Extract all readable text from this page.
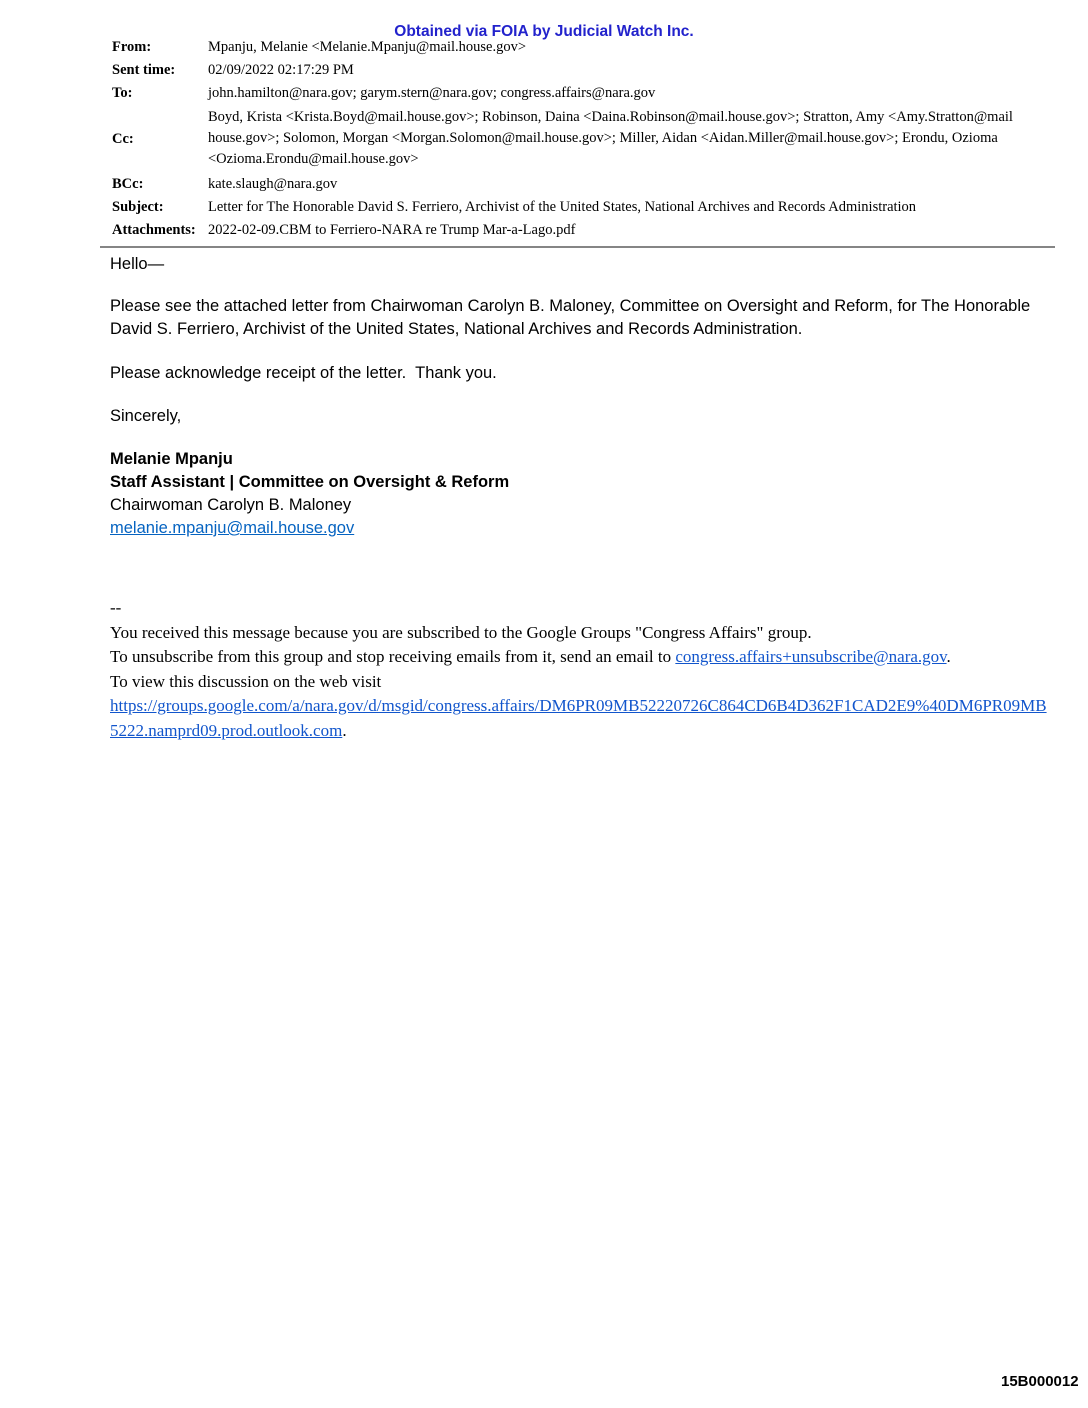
Obtained via FOIA by Judicial Watch Inc.
From:	Mpanju, Melanie <Melanie.Mpanju@mail.house.gov>
Sent time:	02/09/2022 02:17:29 PM
To:	john.hamilton@nara.gov; garym.stern@nara.gov; congress.affairs@nara.gov
Cc:
Boyd, Krista <Krista.Boyd@mail.house.gov>; Robinson, Daina <Daina.Robinson@mail.house.gov>; Stratton, Amy <Amy.Stratton@mail house.gov>; Solomon, Morgan <Morgan.Solomon@mail.house.gov>; Miller, Aidan <Aidan.Miller@mail.house.gov>; Erondu, Ozioma <Ozioma.Erondu@mail.house.gov>
BCc:	kate.slaugh@nara.gov
Subject:	Letter for The Honorable David S. Ferriero, Archivist of the United States, National Archives and Records Administration
Attachments: 2022-02-09.CBM to Ferriero-NARA re Trump Mar-a-Lago.pdf

Hello—

Please see the attached letter from Chairwoman Carolyn B. Maloney, Committee on Oversight and Reform, for The Honorable David S. Ferriero, Archivist of the United States, National Archives and Records Administration.

Please acknowledge receipt of the letter.  Thank you.

Sincerely,

Melanie Mpanju
Staff Assistant | Committee on Oversight & Reform
Chairwoman Carolyn B. Maloney
melanie.mpanju@mail.house.gov
--
You received this message because you are subscribed to the Google Groups "Congress Affairs" group.
To unsubscribe from this group and stop receiving emails from it, send an email to congress.affairs+unsubscribe@nara.gov.
To view this discussion on the web visit
https://groups.google.com/a/nara.gov/d/msgid/congress.affairs/DM6PR09MB52220726C864CD6B4D362F1CAD2E9%40DM6PR09MB5222.namprd09.prod.outlook.com.
15B000012
